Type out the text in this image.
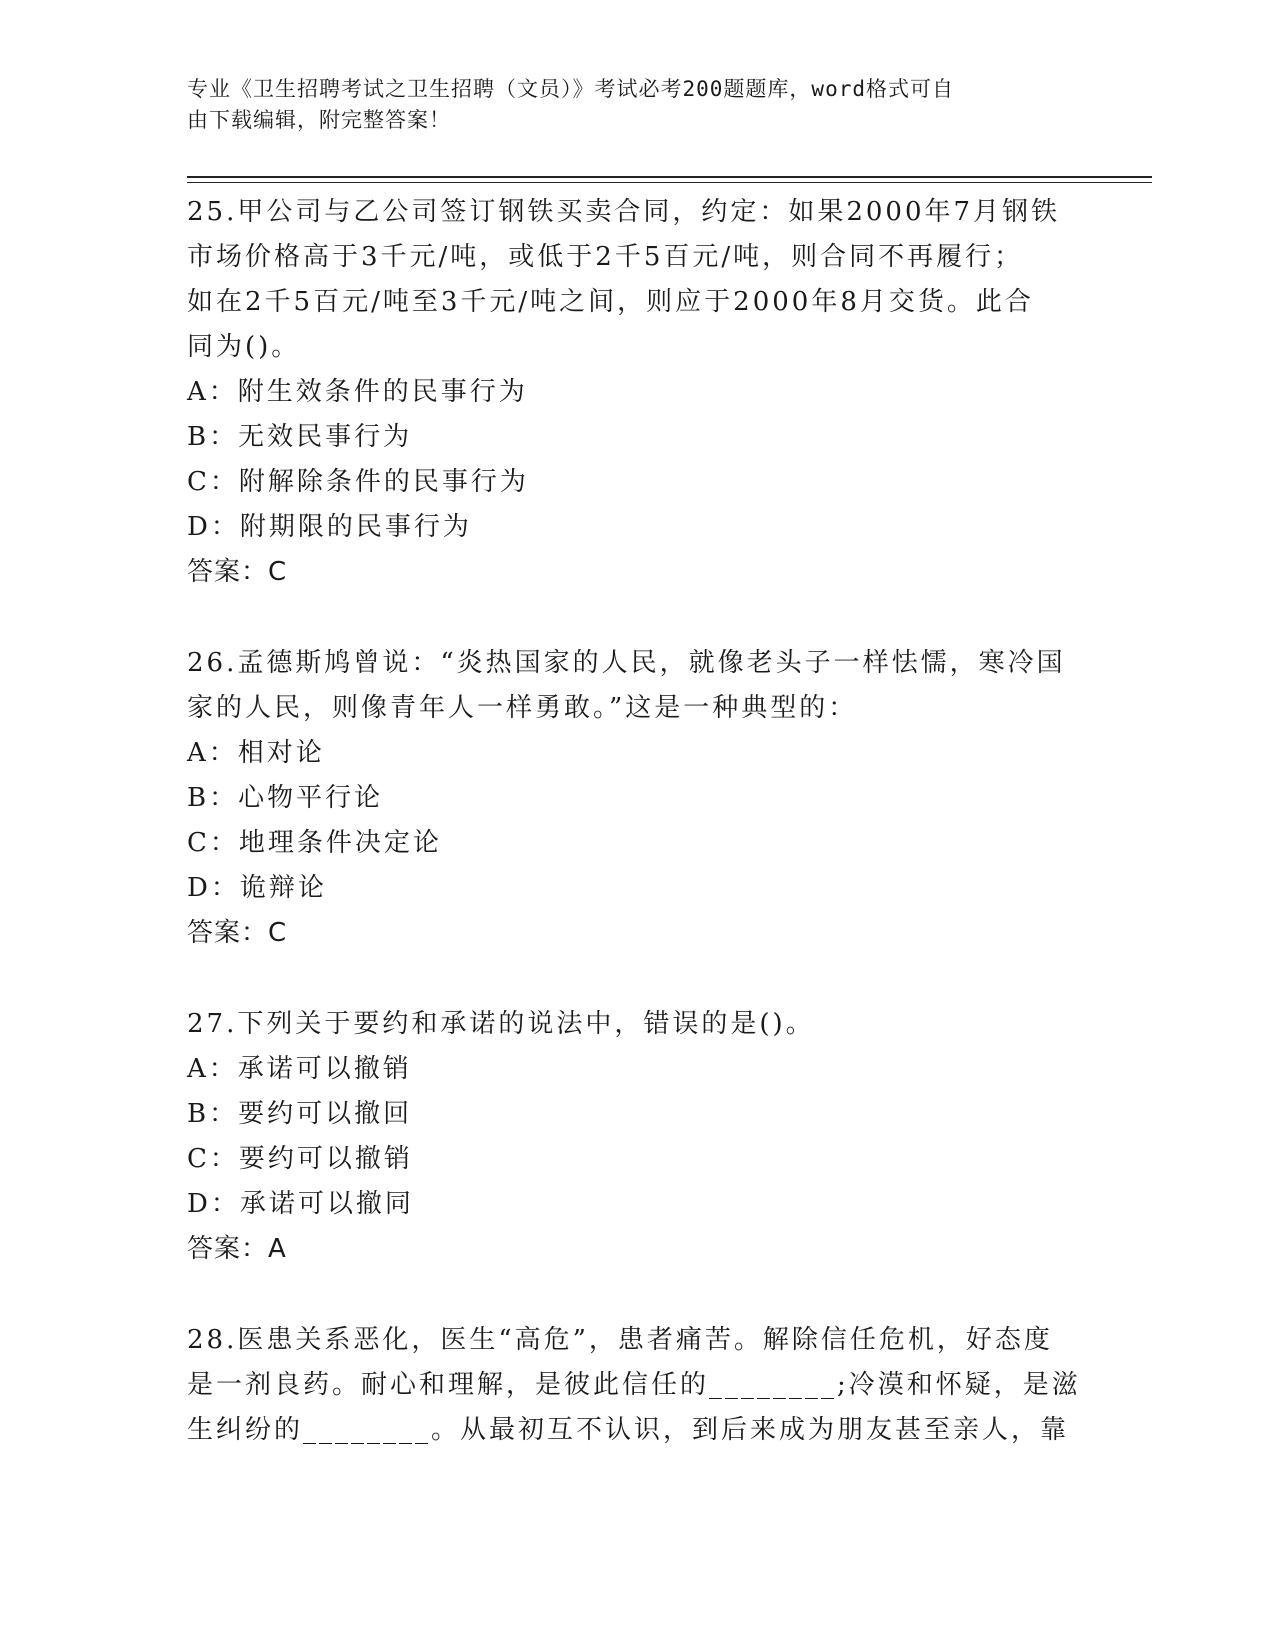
专业《卫生招聘考试之卫生招聘（文员）》考试必考200题题库，word格式可自
由下载编辑，附完整答案！

25.甲公司与乙公司签订钢铁买卖合同，约定：如果2000年7月钢铁

市场价格高于3千元/吨，或低于2千5百元/吨，则合同不再履行；

如在2千5百元/吨至3千元/吨之间，则应于2000年8月交货。此合

同为()。

A：附生效条件的民事行为

B：无效民事行为

C：附解除条件的民事行为

D：附期限的民事行为

答案：C

26.孟德斯鸠曾说：“炎热国家的人民，就像老头子一样怯懦，寒冷国

家的人民，则像青年人一样勇敢。”这是一种典型的：

A：相对论

B：心物平行论

C：地理条件决定论

D：诡辩论

答案：C

27.下列关于要约和承诺的说法中，错误的是()。

A：承诺可以撤销

B：要约可以撤回

C：要约可以撤销

D：承诺可以撤同

答案：A

28.医患关系恶化，医生“高危”，患者痛苦。解除信任危机，好态度

是一剂良药。耐心和理解，是彼此信任的________;冷漠和怀疑，是滋

生纠纷的________。从最初互不认识，到后来成为朋友甚至亲人，靠
